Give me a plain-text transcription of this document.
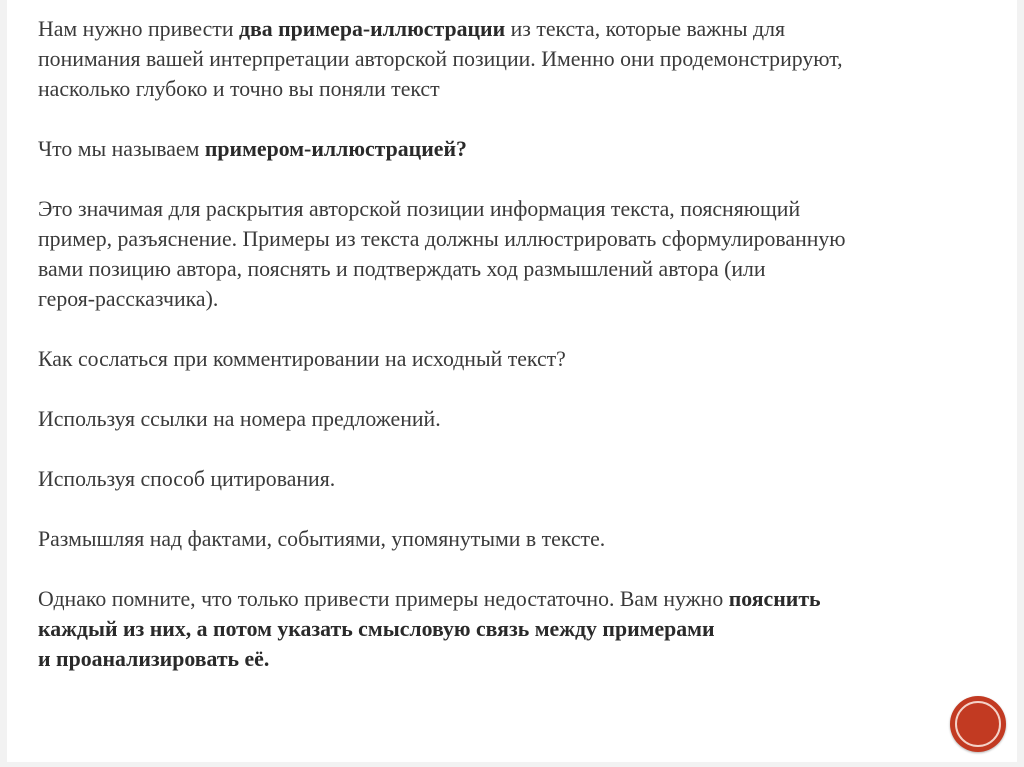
Нам нужно привести два примера-иллюстрации из текста, которые важны для
понимания вашей интерпретации авторской позиции. Именно они продемонстрируют,
насколько глубоко и точно вы поняли текст

Что мы называем примером-иллюстрацией?

Это значимая для раскрытия авторской позиции информация текста, поясняющий
пример, разъяснение. Примеры из текста должны иллюстрировать сформулированную
вами позицию автора, пояснять и подтверждать ход размышлений автора (или
героя-рассказчика).

Как сослаться при комментировании на исходный текст?

Используя ссылки на номера предложений.

Используя способ цитирования.

Размышляя над фактами, событиями, упомянутыми в тексте.

Однако помните, что только привести примеры недостаточно. Вам нужно пояснить
каждый из них, а потом указать смысловую связь между примерами
и проанализировать её.
